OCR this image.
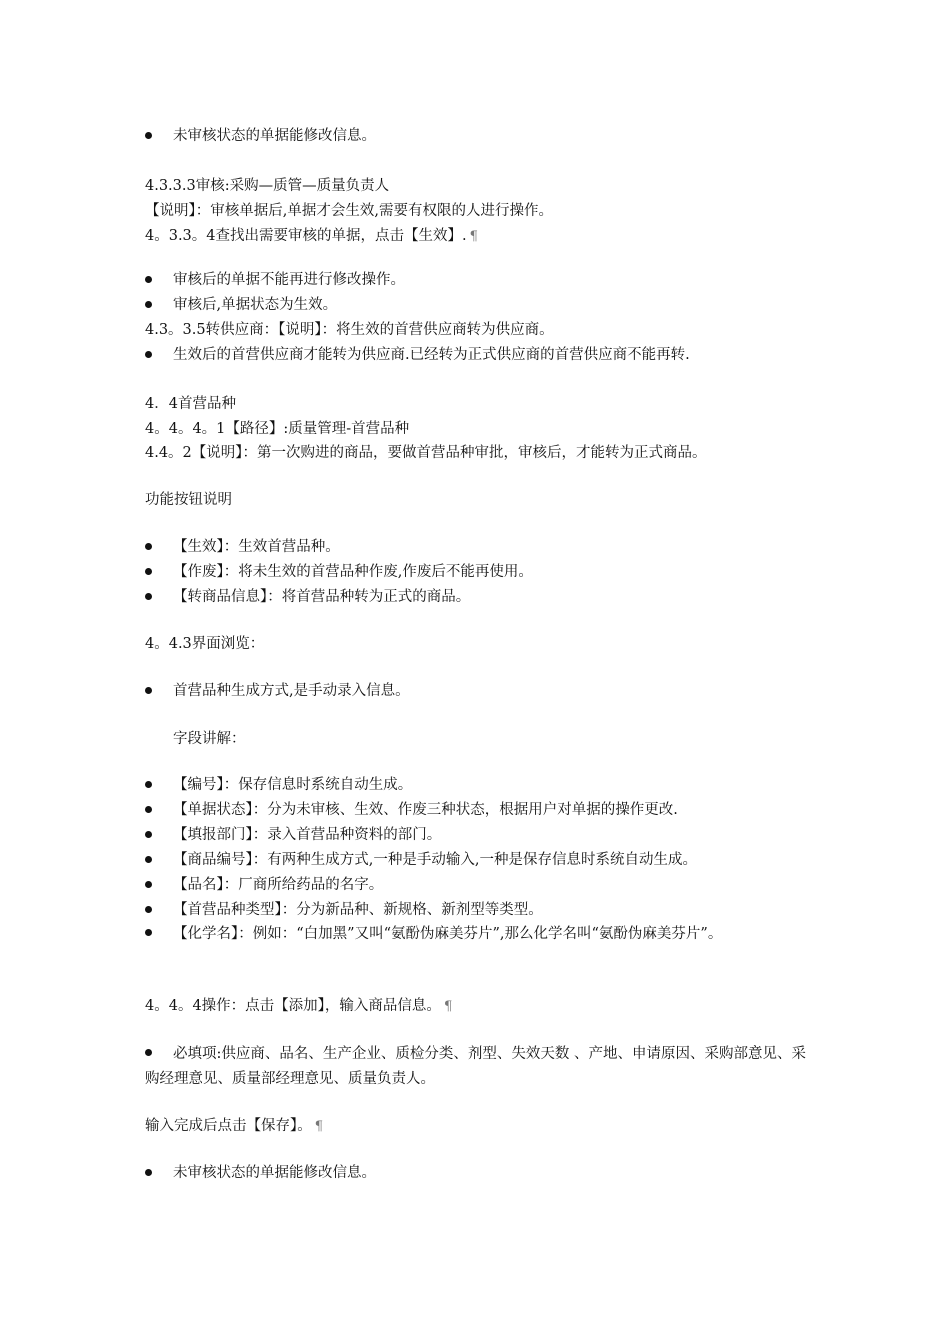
未审核状态的单据能修改信息。
4.3.3.3审核:采购—质管—质量负责人
【说明】：审核单据后,单据才会生效,需要有权限的人进行操作。
4。3.3。4查找出需要审核的单据，点击【生效】. ¶
审核后的单据不能再进行修改操作。
审核后,单据状态为生效。
4.3。3.5转供应商：【说明】：将生效的首营供应商转为供应商。
生效后的首营供应商才能转为供应商.已经转为正式供应商的首营供应商不能再转.
4．4首营品种
4。4。4。1【路径】:质量管理-首营品种
4.4。2【说明】：第一次购进的商品，要做首营品种审批，审核后，才能转为正式商品。
功能按钮说明
【生效】：生效首营品种。
【作废】：将未生效的首营品种作废,作废后不能再使用。
【转商品信息】：将首营品种转为正式的商品。
4。4.3界面浏览：
首营品种生成方式,是手动录入信息。
字段讲解：
【编号】：保存信息时系统自动生成。
【单据状态】：分为未审核、生效、作废三种状态，根据用户对单据的操作更改.
【填报部门】：录入首营品种资料的部门。
【商品编号】：有两种生成方式,一种是手动输入,一种是保存信息时系统自动生成。
【品名】：厂商所给药品的名字。
【首营品种类型】：分为新品种、新规格、新剂型等类型。
【化学名】：例如：“白加黑”又叫“氨酚伪麻美芬片”,那么化学名叫“氨酚伪麻美芬片”。
4。4。4操作：点击【添加】，输入商品信息。 ¶
必填项:供应商、品名、生产企业、质检分类、剂型、失效天数 、产地、申请原因、采购部意见、采购经理意见、质量部经理意见、质量负责人。
输入完成后点击【保存】。 ¶
未审核状态的单据能修改信息。
